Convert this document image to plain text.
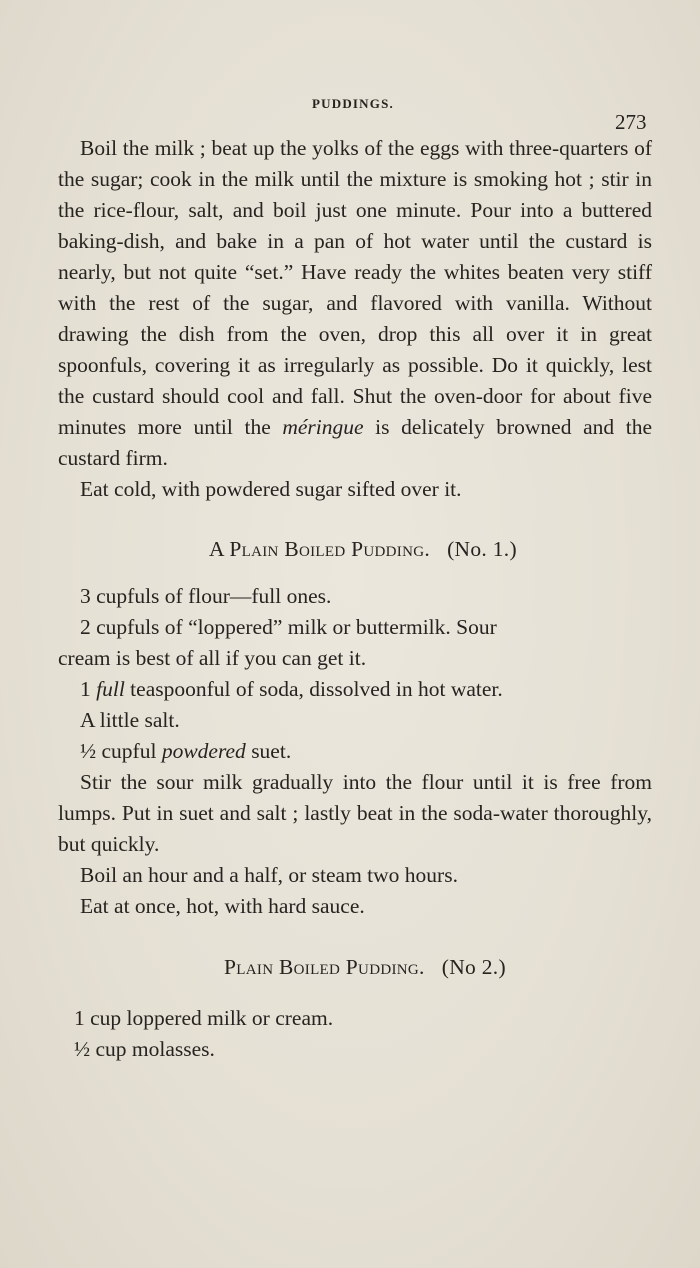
PUDDINGS.
273

Boil the milk ; beat up the yolks of the eggs with three-quarters of the sugar; cook in the milk until the mixture is smoking hot ; stir in the rice-flour, salt, and boil just one minute. Pour into a buttered baking-dish, and bake in a pan of hot water until the custard is nearly, but not quite “set.” Have ready the whites beaten very stiff with the rest of the sugar, and flavored with vanilla. Without drawing the dish from the oven, drop this all over it in great spoonfuls, covering it as irregularly as possible. Do it quickly, lest the custard should cool and fall. Shut the oven-door for about five minutes more until the méringue is delicately browned and the custard firm.

Eat cold, with powdered sugar sifted over it.

A Plain Boiled Pudding. (No. 1.)

3 cupfuls of flour—full ones.

2 cupfuls of “loppered” milk or buttermilk. Sour

cream is best of all if you can get it.

1 full teaspoonful of soda, dissolved in hot water.

A little salt.

½ cupful powdered suet.

Stir the sour milk gradually into the flour until it is free from lumps. Put in suet and salt ; lastly beat in the soda-water thoroughly, but quickly.

Boil an hour and a half, or steam two hours.

Eat at once, hot, with hard sauce.

Plain Boiled Pudding. (No 2.)

1 cup loppered milk or cream.

½ cup molasses.
